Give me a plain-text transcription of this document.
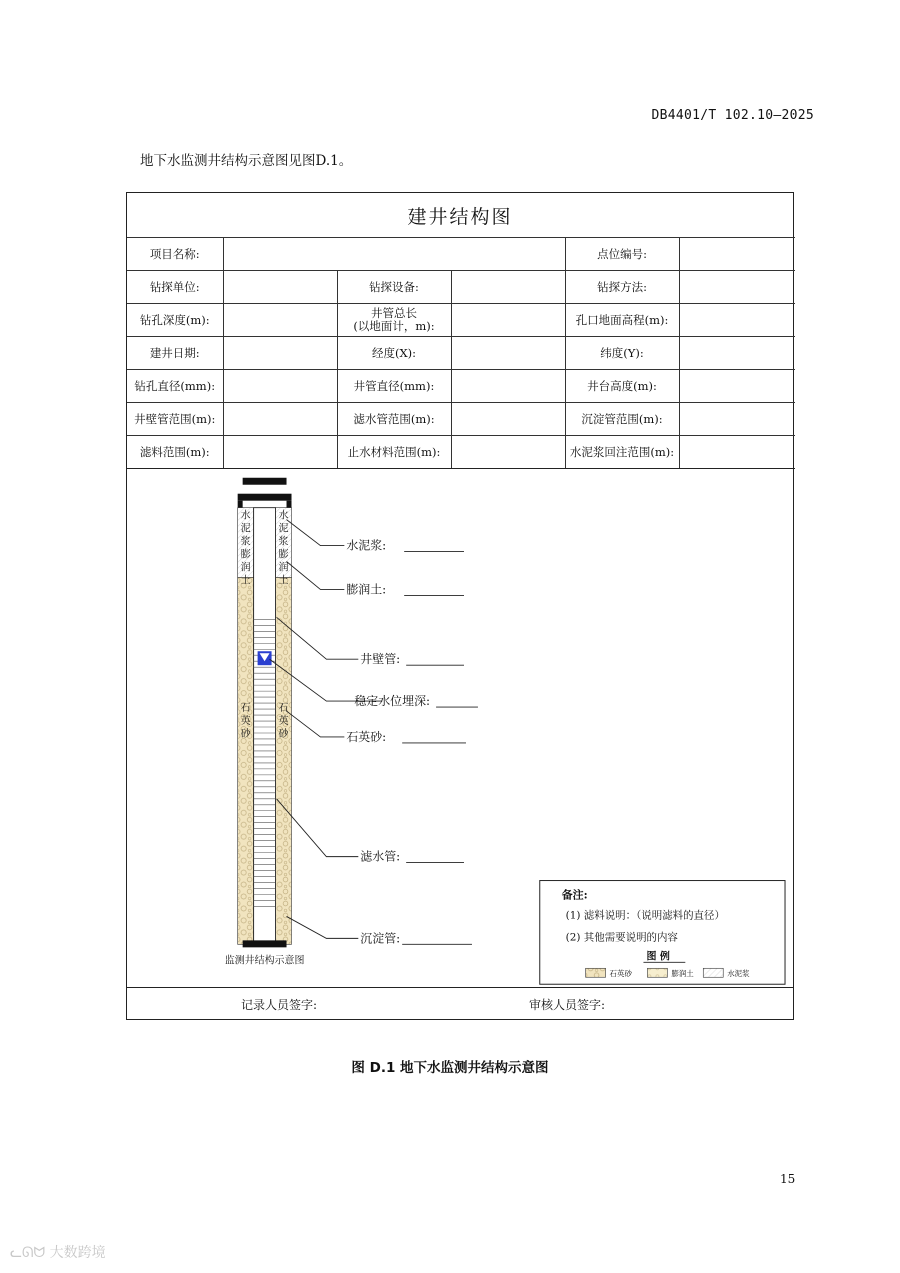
DB4401/T 102.10—2025
地下水监测井结构示意图见图D.1。
建井结构图
项目名称:				点位编号:	
钻探单位:		钻探设备:		钻探方法:	
钻孔深度(m):		井管总长
(以地面计，m):		孔口地面高程(m):	
建井日期:		经度(X):		纬度(Y):	
钻孔直径(mm):		井管直径(mm):		井台高度(m):	
井壁管范围(m):		滤水管范围(m):		沉淀管范围(m):	
滤料范围(m):		止水材料范围(m):		水泥浆回注范围(m):	
水
泥
浆
膨
润
土
水
泥
浆
膨
润
土
石
英
砂
石
英
砂
水泥浆:
膨润土:
井壁管:
稳定水位埋深:
石英砂:
滤水管:
沉淀管:
监测井结构示意图
备注:
(1) 滤料说明：（说明滤料的直径）
(2) 其他需要说明的内容
图 例
石英砂	膨润土	水泥浆
记录人员签字:	审核人员签字:
图 D.1 地下水监测井结构示意图
15
ᓚᘏᗢ 大数跨境
